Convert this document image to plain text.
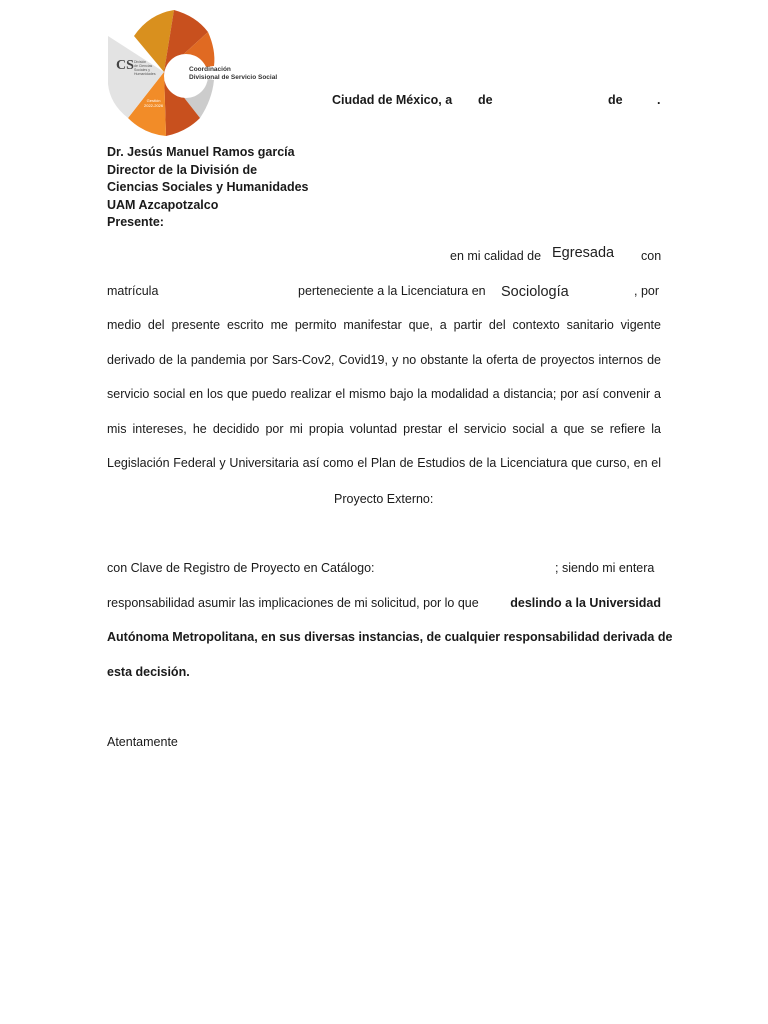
CS División
de Ciencias
Sociales y
Humanidades
Gestión
2022-2026
Coordinación
Divisional de Servicio Social
Ciudad de México, a de	de	.
Dr. Jesús Manuel Ramos garcía
Director de la División de
Ciencias Sociales y Humanidades
UAM Azcapotzalco
Presente:
en mi calidad de Egresada con
matrícula	perteneciente a la Licenciatura en Sociología	, por
medio del presente escrito me permito manifestar que, a partir del contexto sanitario vigente
derivado de la pandemia por Sars-Cov2, Covid19, y no obstante la oferta de proyectos internos de
servicio social en los que puedo realizar el mismo bajo la modalidad a distancia; por así convenir a
mis intereses, he decidido por mi propia voluntad prestar el servicio social a que se refiere la
Legislación Federal y Universitaria así como el Plan de Estudios de la Licenciatura que curso, en el
Proyecto Externo:
con Clave de Registro de Proyecto en Catálogo:	; siendo mi entera
responsabilidad asumir las implicaciones de mi solicitud, por lo que	deslindo a la Universidad
Autónoma Metropolitana, en sus diversas instancias, de cualquier responsabilidad derivada de
esta decisión.
Atentamente
